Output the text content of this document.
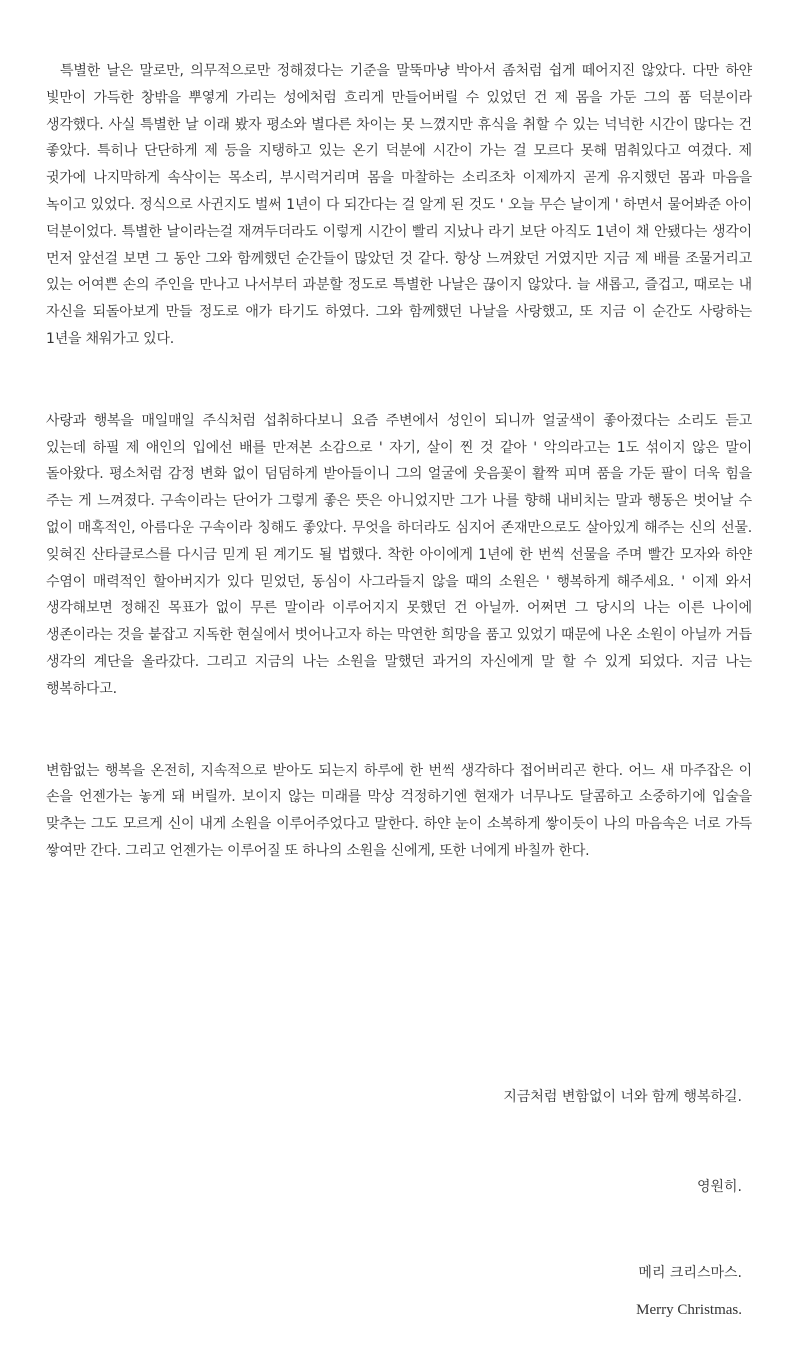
특별한 날은 말로만, 의무적으로만 정해졌다는 기준을 말뚝마냥 박아서 좀처럼 쉽게 떼어지진 않았다. 다만 하얀 빛만이 가득한 창밖을 뿌옇게 가리는 성에처럼 흐리게 만들어버릴 수 있었던 건 제 몸을 가둔 그의 품 덕분이라 생각했다. 사실 특별한 날 이래 봤자 평소와 별다른 차이는 못 느꼈지만 휴식을 취할 수 있는 넉넉한 시간이 많다는 건 좋았다. 특히나 단단하게 제 등을 지탱하고 있는 온기 덕분에 시간이 가는 걸 모르다 못해 멈춰있다고 여겼다. 제 귓가에 나지막하게 속삭이는 목소리, 부시럭거리며 몸을 마찰하는 소리조차 이제까지 곧게 유지했던 몸과 마음을 녹이고 있었다. 정식으로 사귄지도 벌써 1년이 다 되간다는 걸 알게 된 것도 ' 오늘 무슨 날이게 ' 하면서 물어봐준 아이 덕분이었다. 특별한 날이라는걸 재껴두더라도 이렇게 시간이 빨리 지났나 라기 보단 아직도 1년이 채 안됐다는 생각이 먼저 앞선걸 보면 그 동안 그와 함께했던 순간들이 많았던 것 같다. 항상 느껴왔던 거였지만 지금 제 배를 조물거리고 있는 어여쁜 손의 주인을 만나고 나서부터 과분할 정도로 특별한 나날은 끊이지 않았다. 늘 새롭고, 즐겁고, 때로는 내 자신을 되돌아보게 만들 정도로 애가 타기도 하였다. 그와 함께했던 나날을 사랑했고, 또 지금 이 순간도 사랑하는 1년을 채워가고 있다.

사랑과 행복을 매일매일 주식처럼 섭취하다보니 요즘 주변에서 성인이 되니까 얼굴색이 좋아졌다는 소리도 듣고 있는데 하필 제 애인의 입에선 배를 만져본 소감으로 ' 자기, 살이 찐 것 같아 ' 악의라고는 1도 섞이지 않은 말이 돌아왔다. 평소처럼 감정 변화 없이 덤덤하게 받아들이니 그의 얼굴에 웃음꽃이 활짝 피며 품을 가둔 팔이 더욱 힘을 주는 게 느껴졌다. 구속이라는 단어가 그렇게 좋은 뜻은 아니었지만 그가 나를 향해 내비치는 말과 행동은 벗어날 수 없이 매혹적인, 아름다운 구속이라 칭해도 좋았다. 무엇을 하더라도 심지어 존재만으로도 살아있게 해주는 신의 선물. 잊혀진 산타클로스를 다시금 믿게 된 계기도 될 법했다. 착한 아이에게 1년에 한 번씩 선물을 주며 빨간 모자와 하얀 수염이 매력적인 할아버지가 있다 믿었던, 동심이 사그라들지 않을 때의 소원은 ' 행복하게 해주세요. ' 이제 와서 생각해보면 정해진 목표가 없이 무른 말이라 이루어지지 못했던 건 아닐까. 어쩌면 그 당시의 나는 이른 나이에 생존이라는 것을 붙잡고 지독한 현실에서 벗어나고자 하는 막연한 희망을 품고 있었기 때문에 나온 소원이 아닐까 거듭 생각의 계단을 올라갔다. 그리고 지금의 나는 소원을 말했던 과거의 자신에게 말 할 수 있게 되었다. 지금 나는 행복하다고.

변함없는 행복을 온전히, 지속적으로 받아도 되는지 하루에 한 번씩 생각하다 접어버리곤 한다. 어느 새 마주잡은 이 손을 언젠가는 놓게 돼 버릴까. 보이지 않는 미래를 막상 걱정하기엔 현재가 너무나도 달콤하고 소중하기에 입술을 맞추는 그도 모르게 신이 내게 소원을 이루어주었다고 말한다. 하얀 눈이 소복하게 쌓이듯이 나의 마음속은 너로 가득 쌓여만 간다. 그리고 언젠가는 이루어질 또 하나의 소원을 신에게, 또한 너에게 바칠까 한다.

지금처럼 변함없이 너와 함께 행복하길.
영원히.
메리 크리스마스.
Merry Christmas.
